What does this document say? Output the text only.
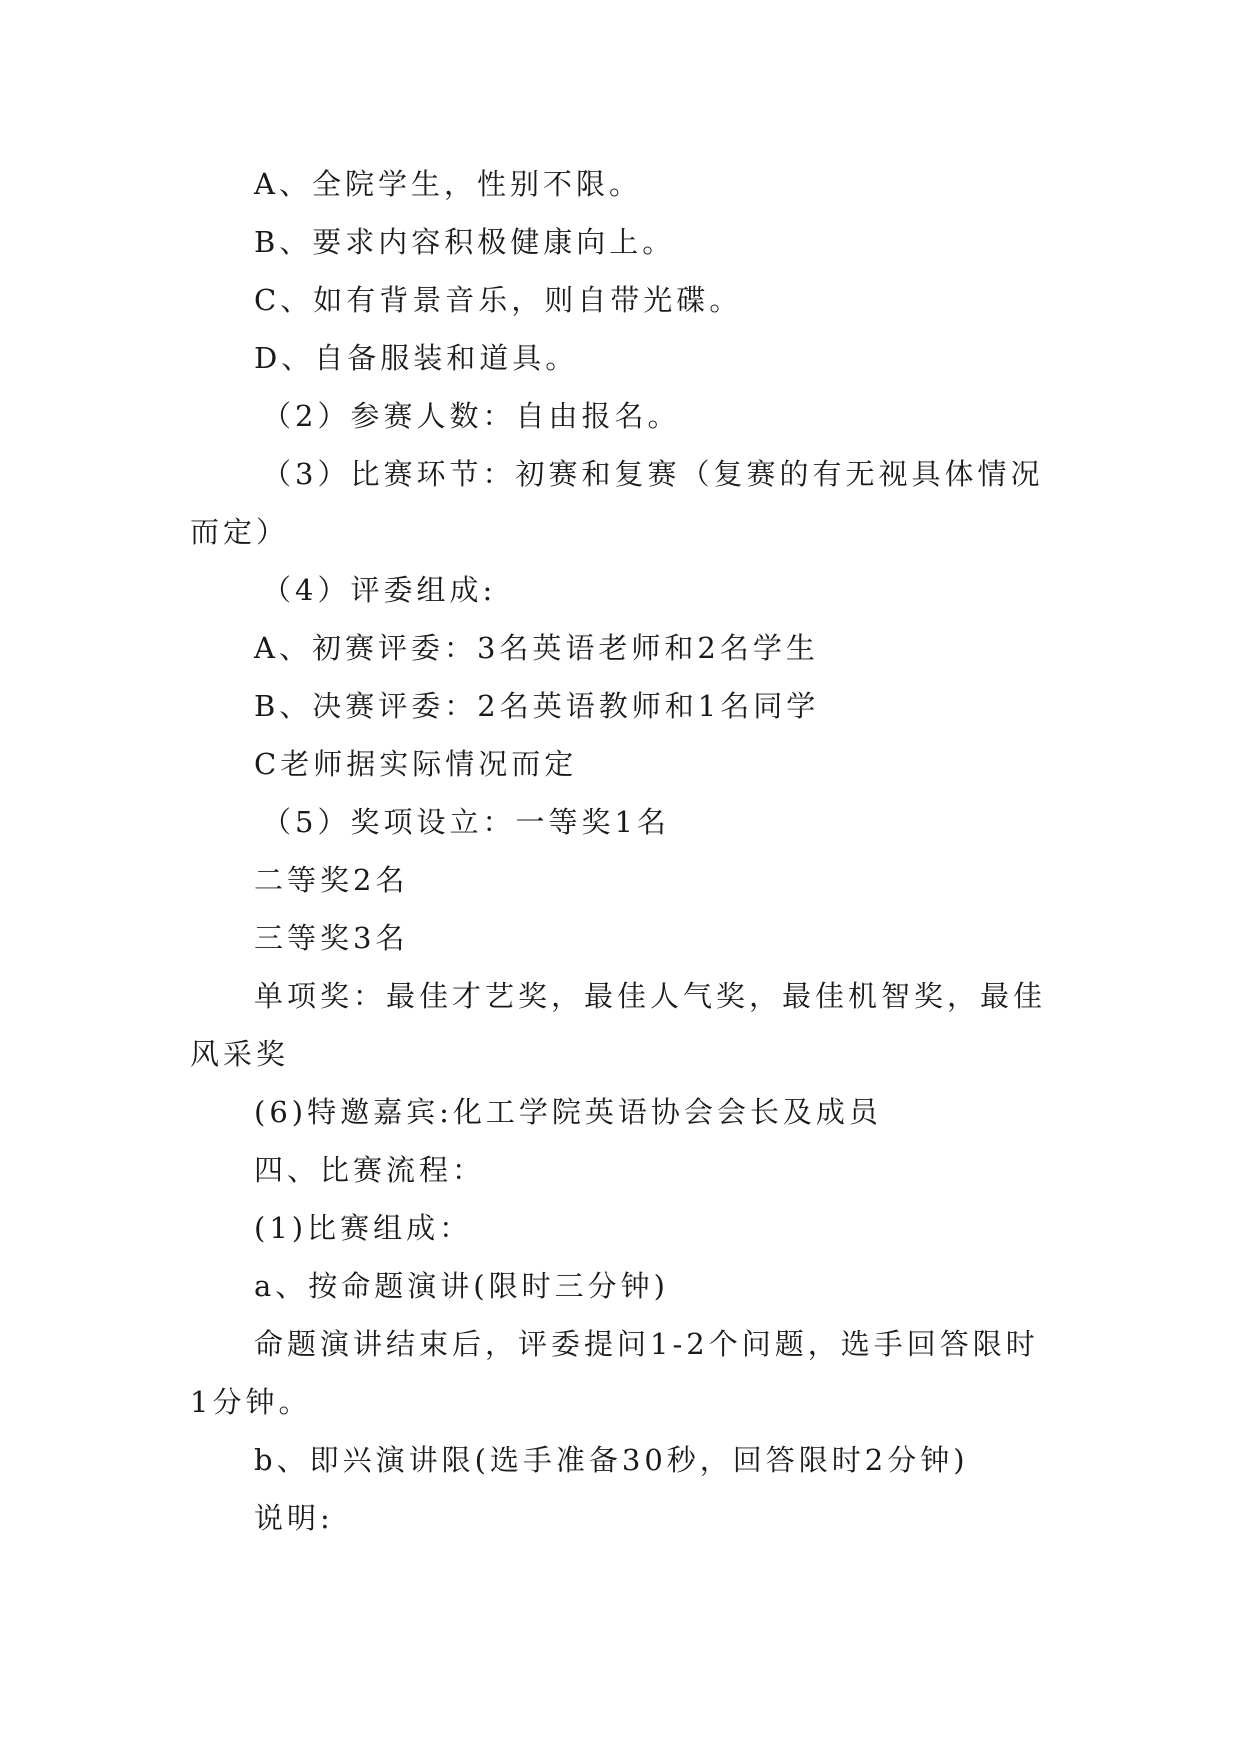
A、全院学生，性别不限。

B、要求内容积极健康向上。

C、如有背景音乐，则自带光碟。

D、自备服装和道具。

（2）参赛人数：自由报名。

（3）比赛环节：初赛和复赛（复赛的有无视具体情况

而定）

（4）评委组成:

A、初赛评委：3名英语老师和2名学生

B、决赛评委：2名英语教师和1名同学

C老师据实际情况而定

（5）奖项设立：一等奖1名

二等奖2名

三等奖3名

单项奖：最佳才艺奖，最佳人气奖，最佳机智奖，最佳

风采奖

(6)特邀嘉宾:化工学院英语协会会长及成员

四、比赛流程：

(1)比赛组成：

a、按命题演讲(限时三分钟)

命题演讲结束后，评委提问1-2个问题，选手回答限时

1分钟。

b、即兴演讲限(选手准备30秒，回答限时2分钟)

说明:
